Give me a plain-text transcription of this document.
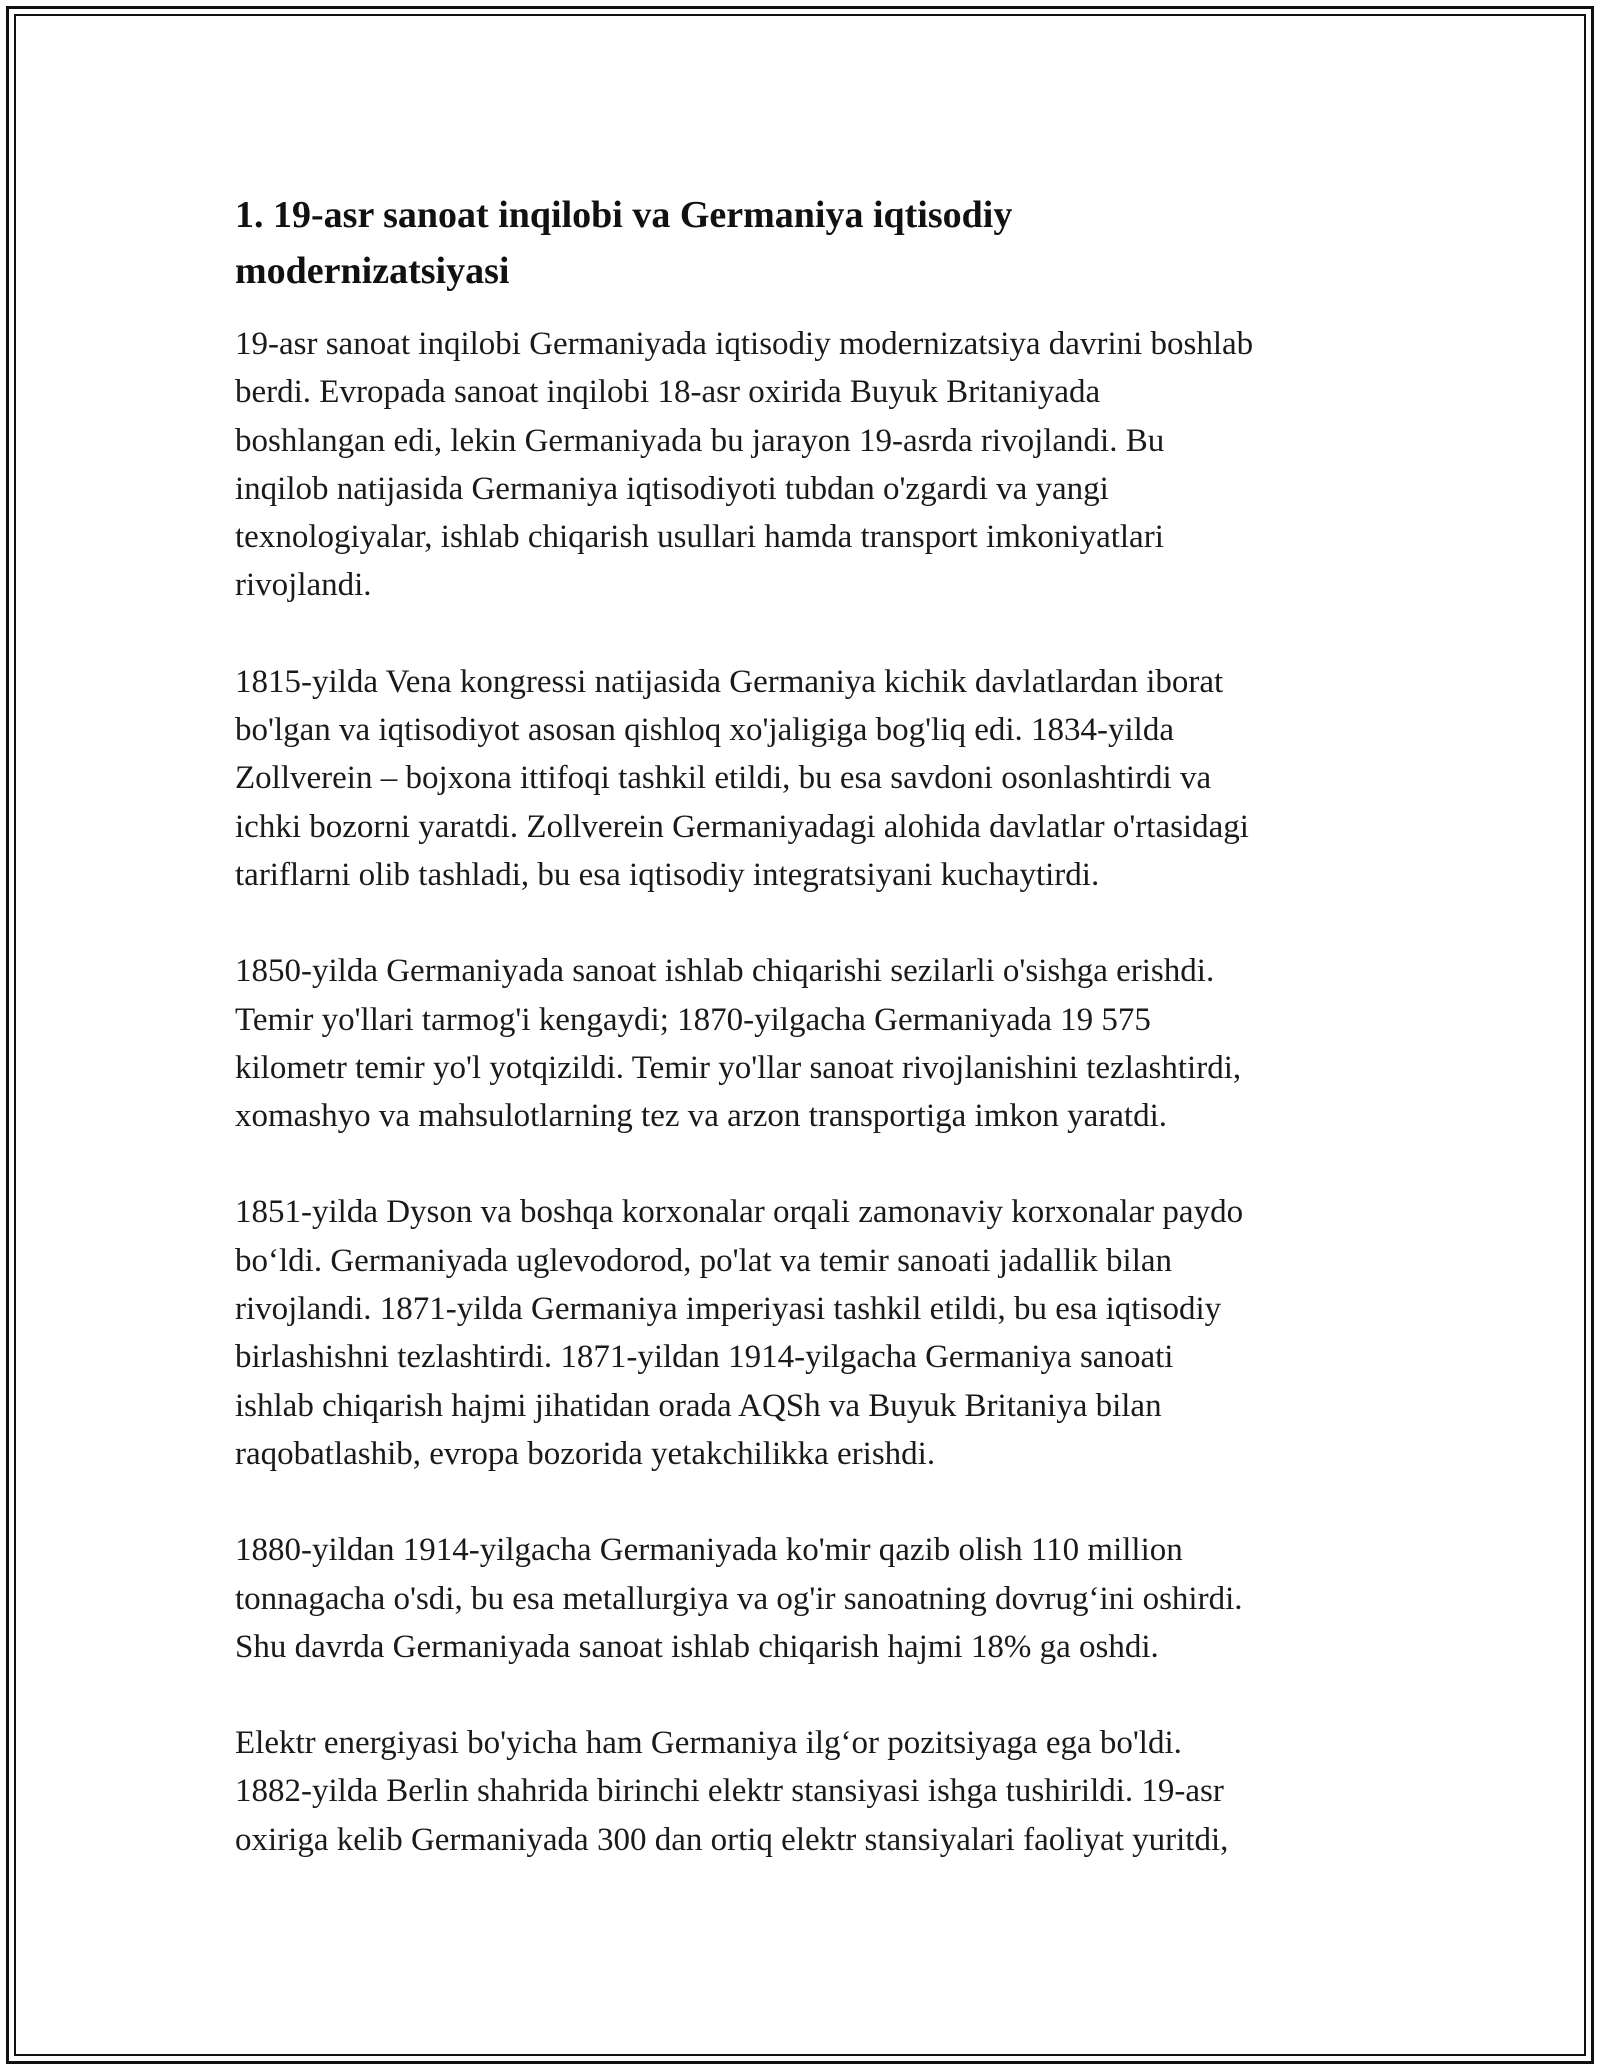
1. 19-asr sanoat inqilobi va Germaniya iqtisodiy
modernizatsiyasi

19-asr sanoat inqilobi Germaniyada iqtisodiy modernizatsiya davrini boshlab
berdi. Evropada sanoat inqilobi 18-asr oxirida Buyuk Britaniyada
boshlangan edi, lekin Germaniyada bu jarayon 19-asrda rivojlandi. Bu
inqilob natijasida Germaniya iqtisodiyoti tubdan o'zgardi va yangi
texnologiyalar, ishlab chiqarish usullari hamda transport imkoniyatlari
rivojlandi.

1815-yilda Vena kongressi natijasida Germaniya kichik davlatlardan iborat
bo'lgan va iqtisodiyot asosan qishloq xo'jaligiga bog'liq edi. 1834-yilda
Zollverein – bojxona ittifoqi tashkil etildi, bu esa savdoni osonlashtirdi va
ichki bozorni yaratdi. Zollverein Germaniyadagi alohida davlatlar o'rtasidagi
tariflarni olib tashladi, bu esa iqtisodiy integratsiyani kuchaytirdi.

1850-yilda Germaniyada sanoat ishlab chiqarishi sezilarli o'sishga erishdi.
Temir yo'llari tarmog'i kengaydi; 1870-yilgacha Germaniyada 19 575
kilometr temir yo'l yotqizildi. Temir yo'llar sanoat rivojlanishini tezlashtirdi,
xomashyo va mahsulotlarning tez va arzon transportiga imkon yaratdi.

1851-yilda Dyson va boshqa korxonalar orqali zamonaviy korxonalar paydo
bo‘ldi. Germaniyada uglevodorod, po'lat va temir sanoati jadallik bilan
rivojlandi. 1871-yilda Germaniya imperiyasi tashkil etildi, bu esa iqtisodiy
birlashishni tezlashtirdi. 1871-yildan 1914-yilgacha Germaniya sanoati
ishlab chiqarish hajmi jihatidan orada AQSh va Buyuk Britaniya bilan
raqobatlashib, evropa bozorida yetakchilikka erishdi.

1880-yildan 1914-yilgacha Germaniyada ko'mir qazib olish 110 million
tonnagacha o'sdi, bu esa metallurgiya va og'ir sanoatning dovrug‘ini oshirdi.
Shu davrda Germaniyada sanoat ishlab chiqarish hajmi 18% ga oshdi.

Elektr energiyasi bo'yicha ham Germaniya ilg‘or pozitsiyaga ega bo'ldi.
1882-yilda Berlin shahrida birinchi elektr stansiyasi ishga tushirildi. 19-asr
oxiriga kelib Germaniyada 300 dan ortiq elektr stansiyalari faoliyat yuritdi,
